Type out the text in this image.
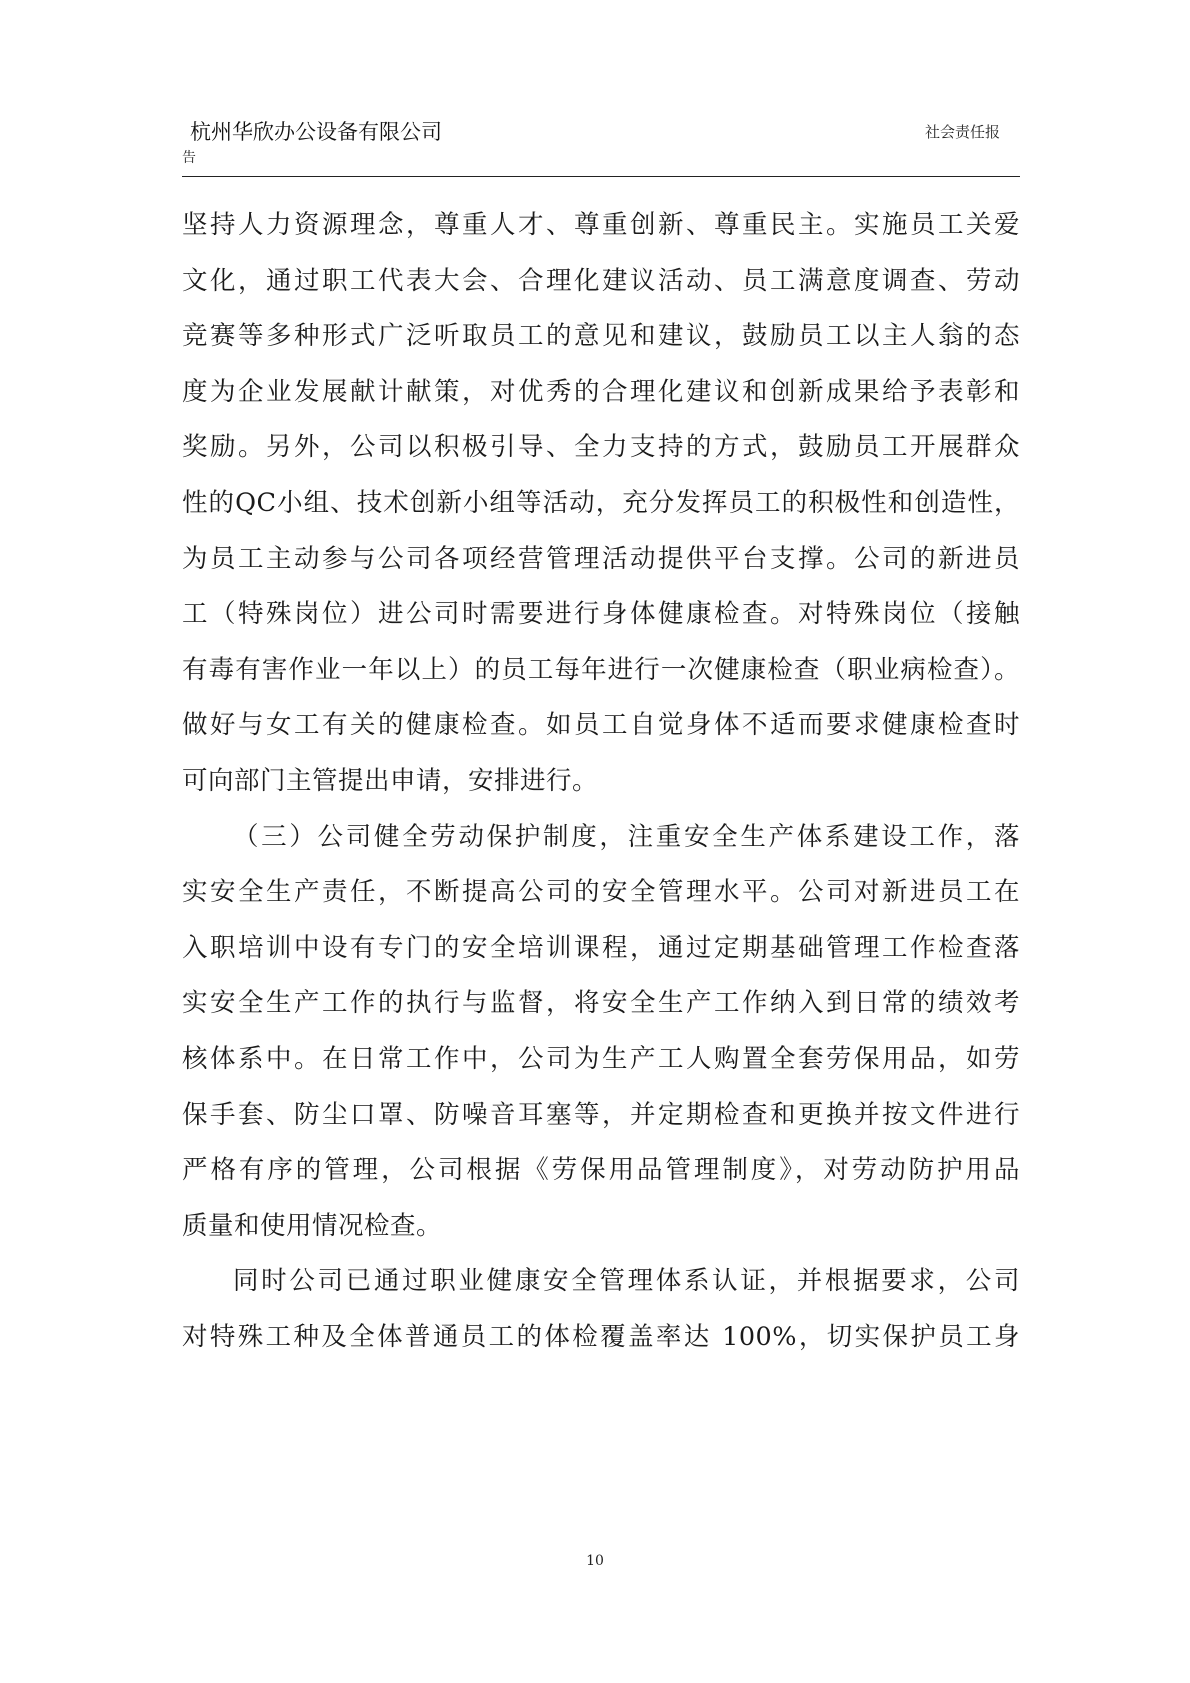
杭州华欣办公设备有限公司
告
社会责任报

坚持人力资源理念，尊重人才、尊重创新、尊重民主。实施员工关爱
文化，通过职工代表大会、合理化建议活动、员工满意度调查、劳动
竞赛等多种形式广泛听取员工的意见和建议，鼓励员工以主人翁的态
度为企业发展献计献策，对优秀的合理化建议和创新成果给予表彰和
奖励。另外，公司以积极引导、全力支持的方式，鼓励员工开展群众
性的QC小组、技术创新小组等活动，充分发挥员工的积极性和创造性，
为员工主动参与公司各项经营管理活动提供平台支撑。公司的新进员
工（特殊岗位）进公司时需要进行身体健康检查。对特殊岗位（接触
有毒有害作业一年以上）的员工每年进行一次健康检查（职业病检查）。
做好与女工有关的健康检查。如员工自觉身体不适而要求健康检查时
可向部门主管提出申请，安排进行。

（三）公司健全劳动保护制度，注重安全生产体系建设工作，落
实安全生产责任，不断提高公司的安全管理水平。公司对新进员工在
入职培训中设有专门的安全培训课程，通过定期基础管理工作检查落
实安全生产工作的执行与监督，将安全生产工作纳入到日常的绩效考
核体系中。在日常工作中，公司为生产工人购置全套劳保用品，如劳
保手套、防尘口罩、防噪音耳塞等，并定期检查和更换并按文件进行
严格有序的管理，公司根据《劳保用品管理制度》，对劳动防护用品
质量和使用情况检查。

同时公司已通过职业健康安全管理体系认证，并根据要求，公司
对特殊工种及全体普通员工的体检覆盖率达 100%，切实保护员工身

10
